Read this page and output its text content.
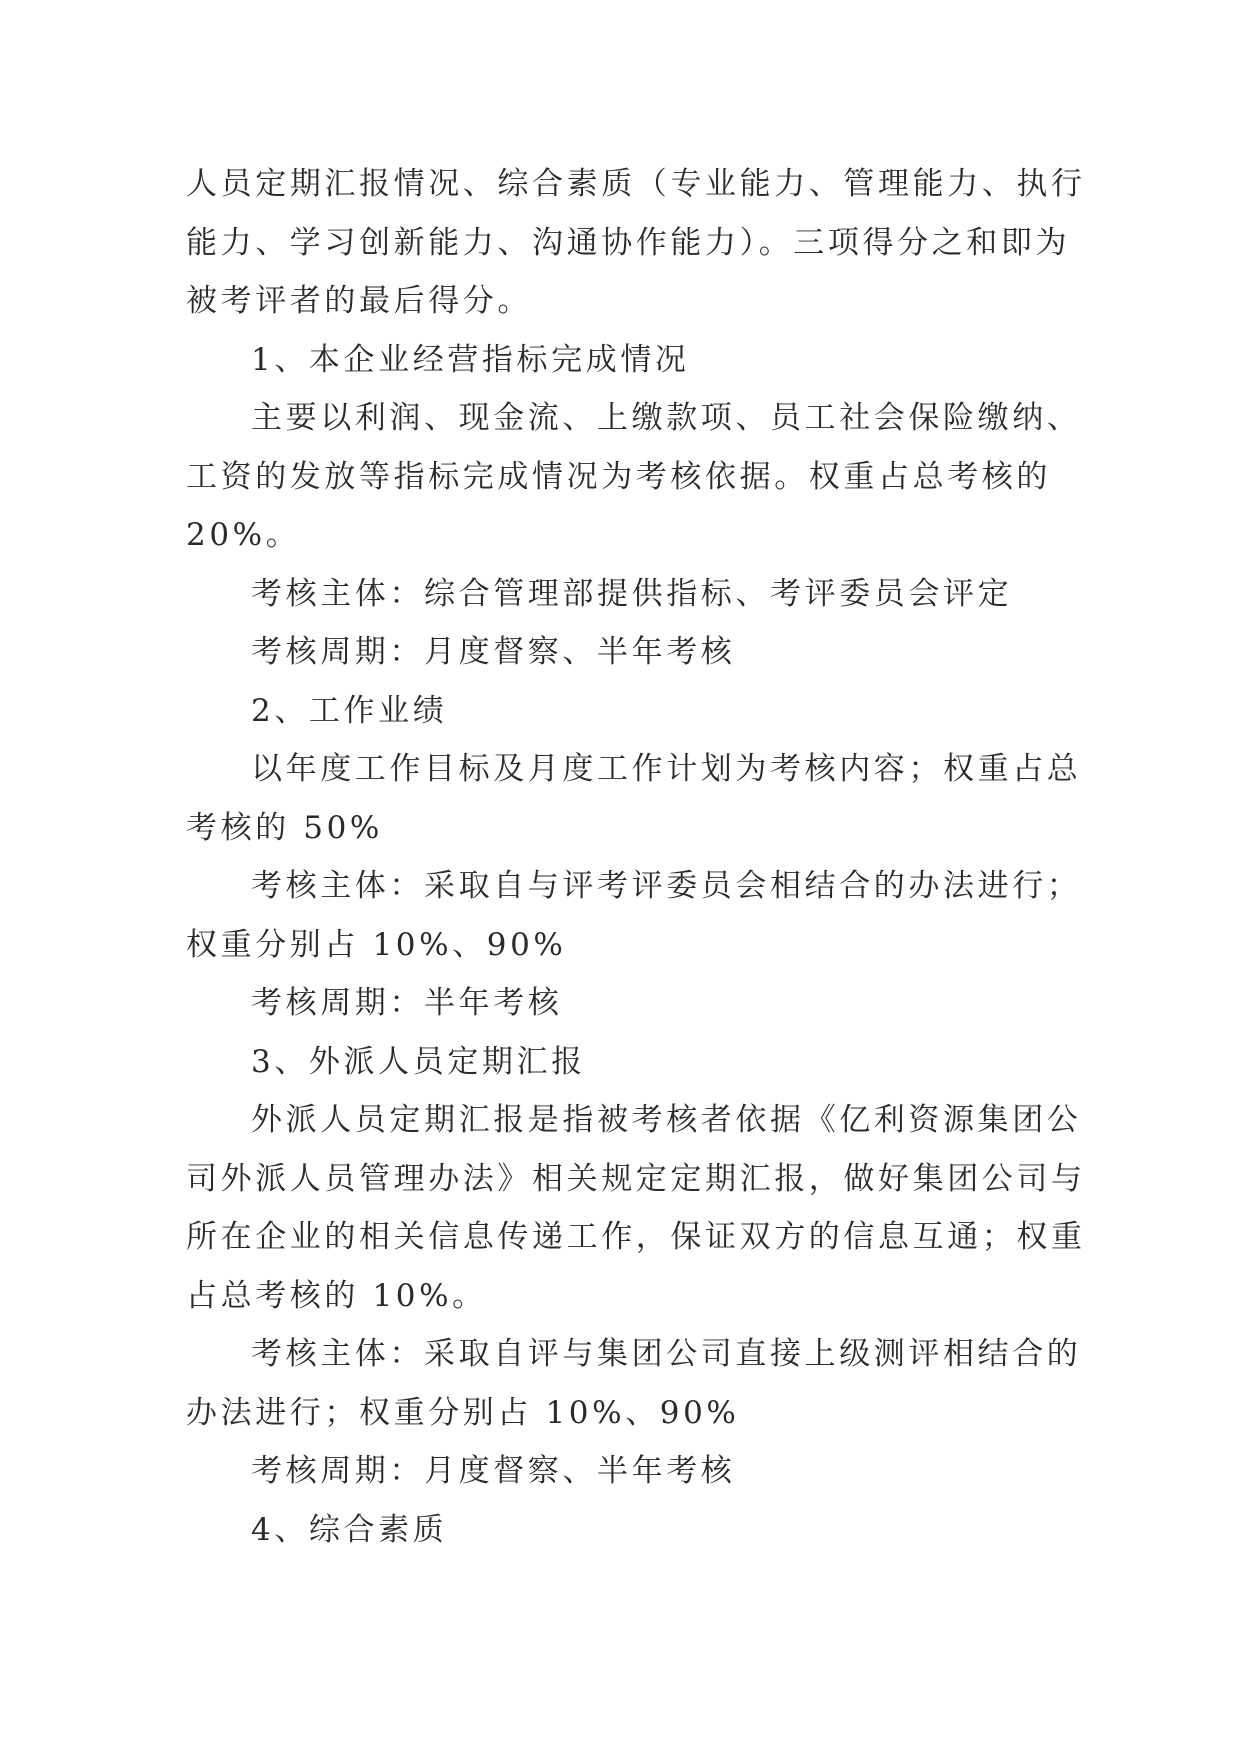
人员定期汇报情况、综合素质（专业能力、管理能力、执行
能力、学习创新能力、沟通协作能力）。三项得分之和即为
被考评者的最后得分。
1、本企业经营指标完成情况
主要以利润、现金流、上缴款项、员工社会保险缴纳、
工资的发放等指标完成情况为考核依据。权重占总考核的
20%。
考核主体：综合管理部提供指标、考评委员会评定
考核周期：月度督察、半年考核
2、工作业绩
以年度工作目标及月度工作计划为考核内容；权重占总
考核的 50%
考核主体：采取自与评考评委员会相结合的办法进行；
权重分别占 10%、90%
考核周期：半年考核
3、外派人员定期汇报
外派人员定期汇报是指被考核者依据《亿利资源集团公
司外派人员管理办法》相关规定定期汇报，做好集团公司与
所在企业的相关信息传递工作，保证双方的信息互通；权重
占总考核的 10%。
考核主体：采取自评与集团公司直接上级测评相结合的
办法进行；权重分别占 10%、90%
考核周期：月度督察、半年考核
4、综合素质
